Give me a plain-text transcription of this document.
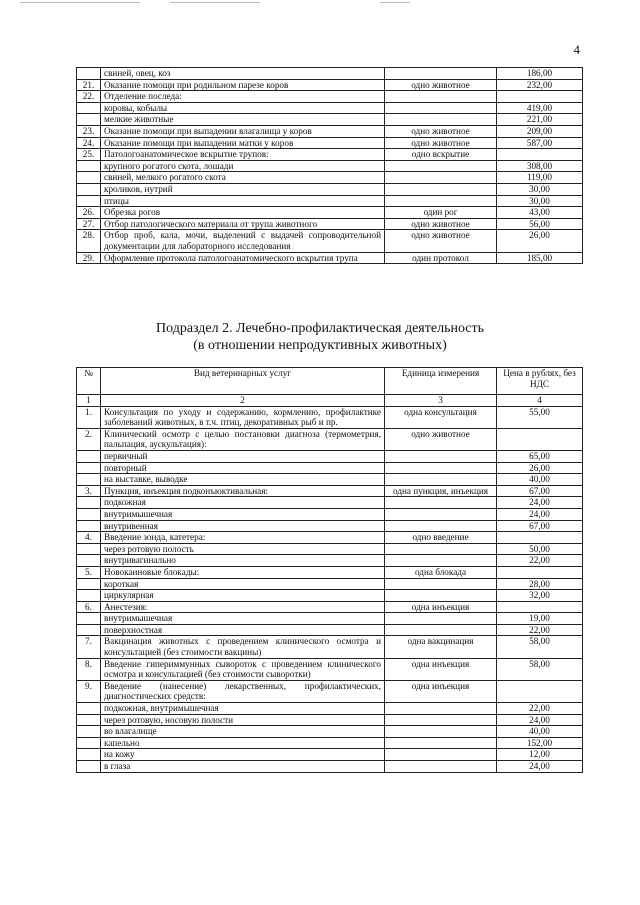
4
	свиней, овец, коз		186,00
21.	Оказание помощи при родильном парезе коров	одно животное	232,00
22.	Отделение последа:		
	коровы, кобылы		419,00
	мелкие животные		221,00
23.	Оказание помощи при выпадении влагалища у коров	одно животное	209,00
24.	Оказание помощи при выпадении матки у коров	одно животное	587,00
25.	Патологоанатомическое вскрытие трупов:	одно вскрытие	
	крупного рогатого скота, лошади		308,00
	свиней, мелкого рогатого скота		119,00
	кроликов, нутрий		30,00
	птицы		30,00
26.	Обрезка рогов	один рог	43,00
27.	Отбор патологического материала от трупа животного	одно животное	56,00
28.	Отбор проб, кала, мочи, выделений с выдачей сопроводительной документации для лабораторного исследования	одно животное	26,00
29.	Оформление протокола патологоанатомического вскрытия трупа	один протокол	185,00
Подраздел 2. Лечебно-профилактическая деятельность
(в отношении непродуктивных животных)
№	Вид ветеринарных услуг	Единица измерения	Цена в рублях, без НДС
1	2	3	4
1.	Консультация по уходу и содержанию, кормлению, профилактике заболеваний животных, в т.ч. птиц, декоративных рыб и пр.	одна консультация	55,00
2.	Клинический осмотр с целью постановки диагноза (термометрия, пальпация, аускультация):	одно животное	
	первичный		65,00
	повторный		26,00
	на выставке, выводке		40,00
3.	Пункция, инъекция подконъюктивальная:	одна пункция, инъекция	67,00
	подкожная		24,00
	внутримышечная		24,00
	внутривенная		67,00
4.	Введение зонда, катетера:	одно введение	
	через ротовую полость		50,00
	внутривагинально		22,00
5.	Новокаиновые блокады:	одна блокада	
	короткая		28,00
	циркулярная		32,00
6.	Анестезия:	одна инъекция	
	внутримышечная		19,00
	поверхностная		22,00
7.	Вакцинация животных с проведением клинического осмотра и консультацией (без стоимости вакцины)	одна вакцинация	58,00
8.	Введение гипериммунных сывороток с проведением клинического осмотра и консультацией (без стоимости сыворотки)	одна инъекция	58,00
9.	Введение (нанесение) лекарственных, профилактических, диагностических средств:	одна инъекция	
	подкожная, внутримышечная		22,00
	через ротовую, носовую полости		24,00
	во влагалище		40,00
	капельно		152,00
	на кожу		12,00
	в глаза		24,00
